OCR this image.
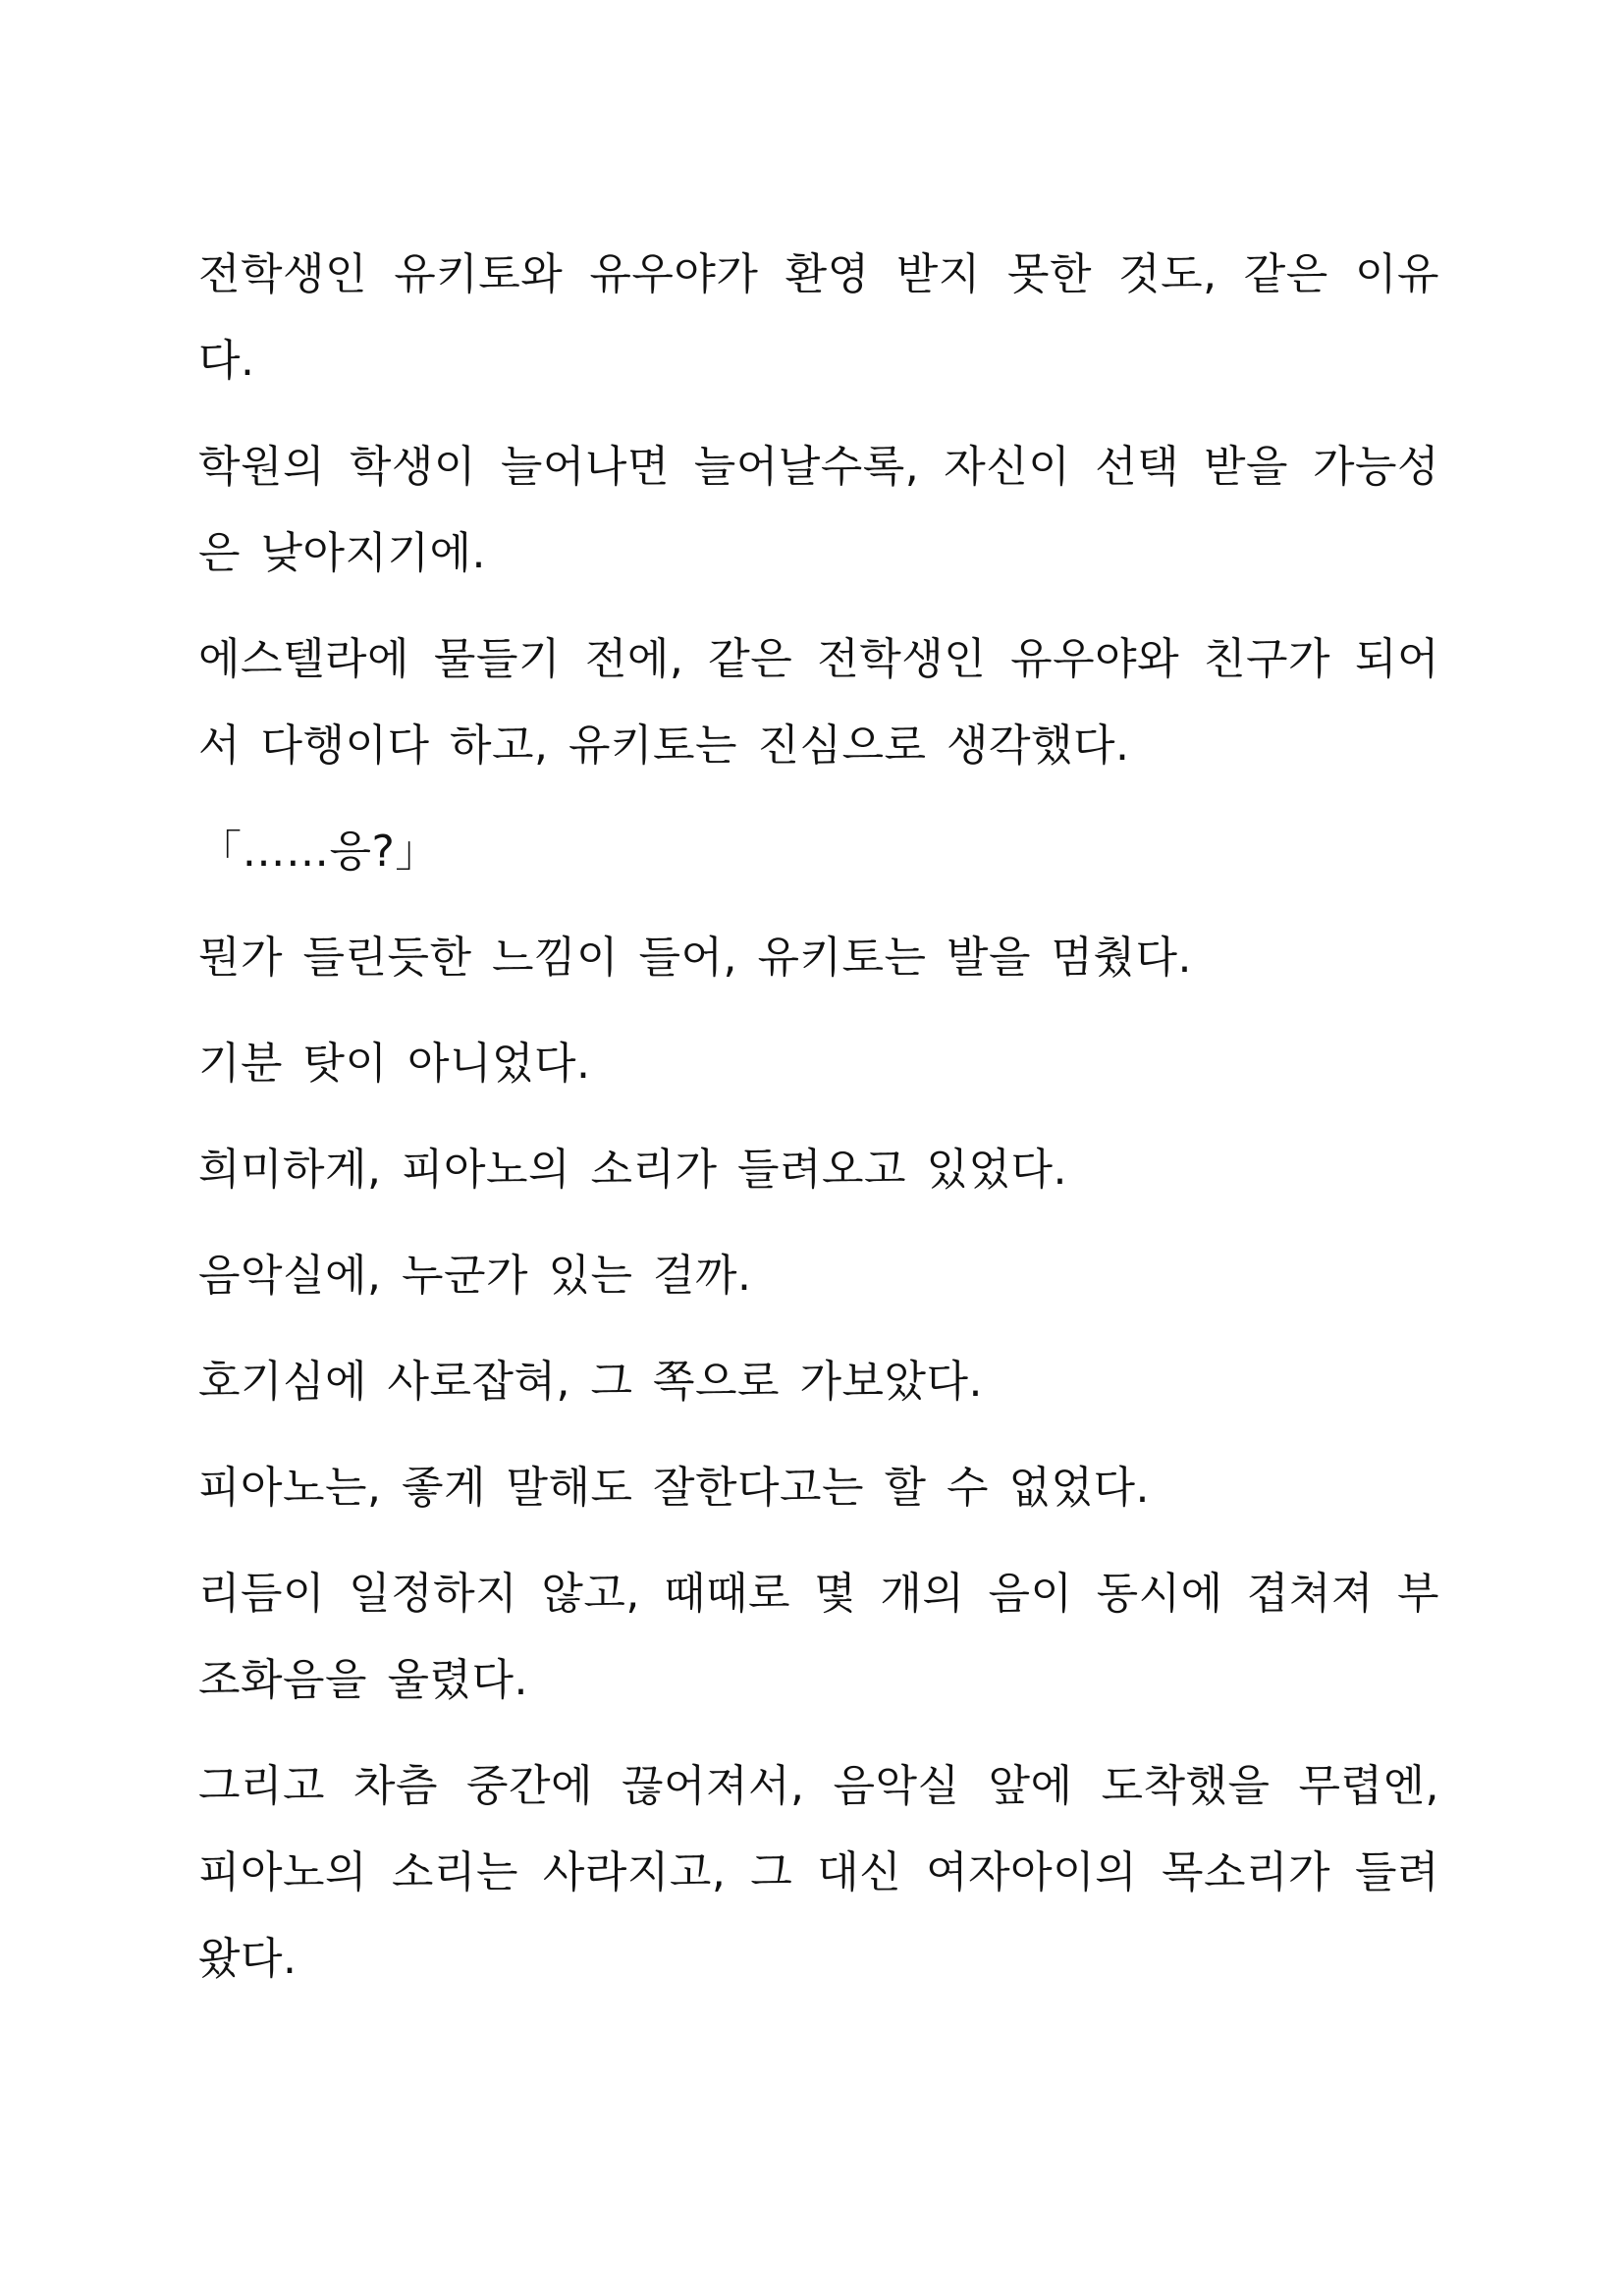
전학생인 유키토와 유우야가 환영 받지 못한 것도, 같은 이유다.

학원의 학생이 늘어나면 늘어날수록, 자신이 선택 받을 가능성은 낮아지기에.

에스텔라에 물들기 전에, 같은 전학생인 유우야와 친구가 되어서 다행이다 하고, 유키토는 진심으로 생각했다.

「……응?」

뭔가 들린듯한 느낌이 들어, 유키토는 발을 멈췄다.

기분 탓이 아니었다.

희미하게, 피아노의 소리가 들려오고 있었다.

음악실에, 누군가 있는 걸까.

호기심에 사로잡혀, 그 쪽으로 가보았다.

피아노는, 좋게 말해도 잘한다고는 할 수 없었다.

리듬이 일정하지 않고, 때때로 몇 개의 음이 동시에 겹쳐져 부조화음을 울렸다.

그리고 차츰 중간에 끊어져서, 음악실 앞에 도착했을 무렵엔, 피아노의 소리는 사라지고, 그 대신 여자아이의 목소리가 들려왔다.
